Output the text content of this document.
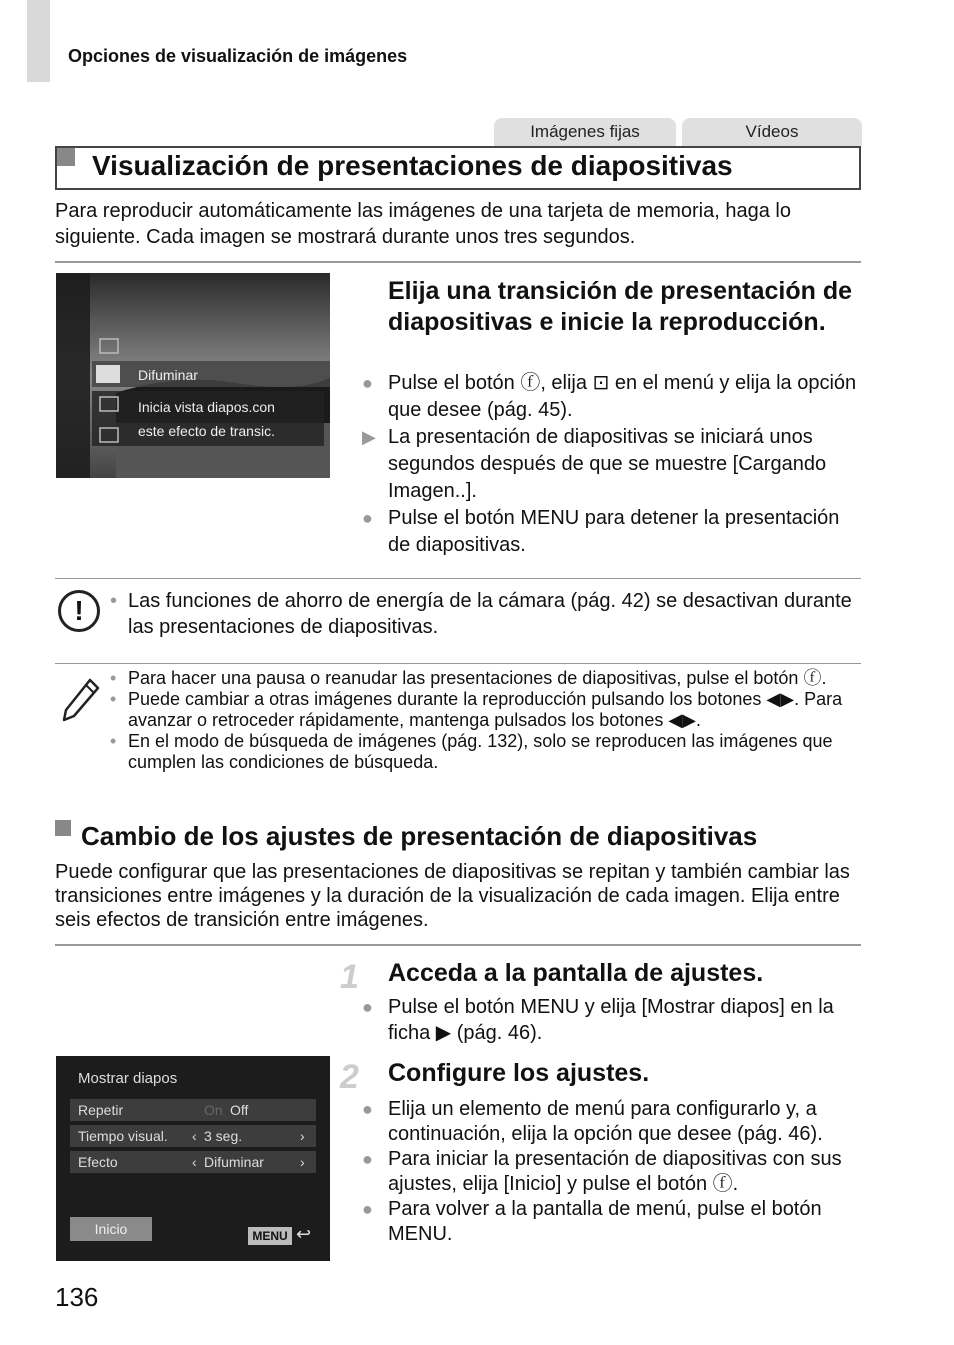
Opciones de visualización de imágenes
Imágenes fijas	Vídeos
Visualización de presentaciones de diapositivas
Para reproducir automáticamente las imágenes de una tarjeta de memoria, haga lo siguiente. Cada imagen se mostrará durante unos tres segundos.
Difuminar
Inicia vista diapos.con
este efecto de transic.
Elija una transición de presentación de diapositivas e inicie la reproducción.
● Pulse el botón ⓕ, elija ⊡ en el menú y elija la opción que desee (pág. 45).
▶ La presentación de diapositivas se iniciará unos segundos después de que se muestre [Cargando Imagen..].
● Pulse el botón MENU para detener la presentación de diapositivas.
!	• Las funciones de ahorro de energía de la cámara (pág. 42) se desactivan durante las presentaciones de diapositivas.
• Para hacer una pausa o reanudar las presentaciones de diapositivas, pulse el botón ⓕ.
• Puede cambiar a otras imágenes durante la reproducción pulsando los botones ◀▶. Para avanzar o retroceder rápidamente, mantenga pulsados los botones ◀▶.
• En el modo de búsqueda de imágenes (pág. 132), solo se reproducen las imágenes que cumplen las condiciones de búsqueda.
Cambio de los ajustes de presentación de diapositivas
Puede configurar que las presentaciones de diapositivas se repitan y también cambiar las transiciones entre imágenes y la duración de la visualización de cada imagen. Elija entre seis efectos de transición entre imágenes.
1 Acceda a la pantalla de ajustes.
● Pulse el botón MENU y elija [Mostrar diapos] en la ficha ▶ (pág. 46).
2 Configure los ajustes.
● Elija un elemento de menú para configurarlo y, a continuación, elija la opción que desee (pág. 46).
● Para iniciar la presentación de diapositivas con sus ajustes, elija [Inicio] y pulse el botón ⓕ.
● Para volver a la pantalla de menú, pulse el botón MENU.
Mostrar diapos
Repetir	On Off
Tiempo visual. ‹ 3 seg.	›
Efecto	‹ Difuminar	›
Inicio	MENU ↩
136
